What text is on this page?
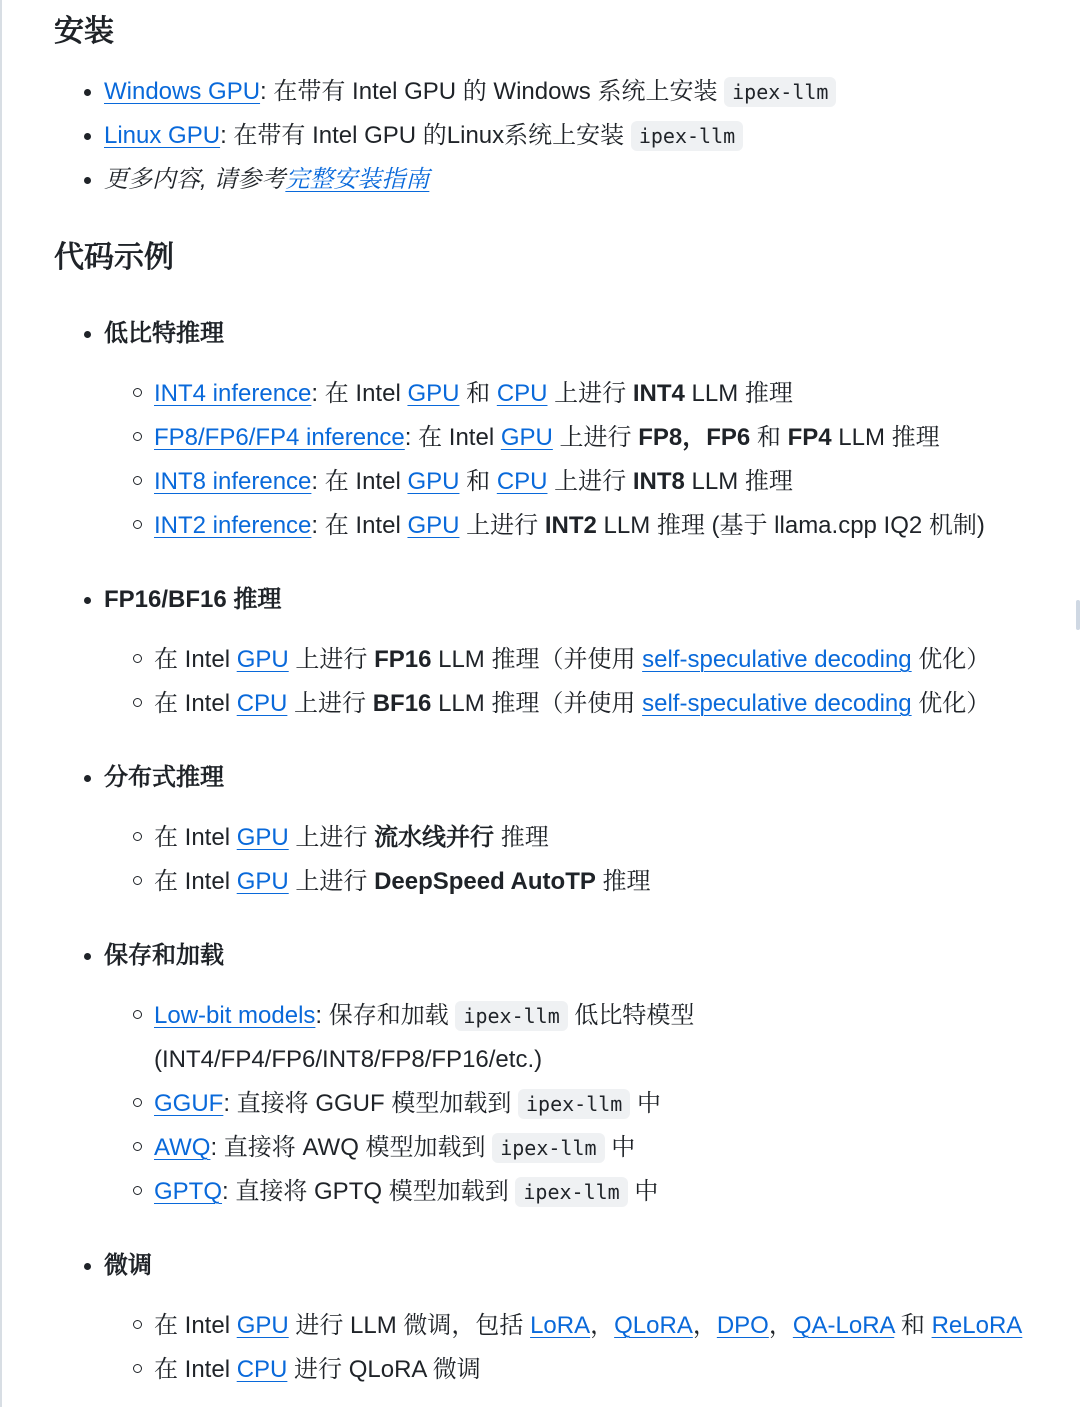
安装
Windows GPU: 在带有 Intel GPU 的 Windows 系统上安装 ipex-llm
Linux GPU: 在带有 Intel GPU 的Linux系统上安装 ipex-llm
更多内容, 请参考完整安装指南
代码示例
低比特推理
INT4 inference: 在 Intel GPU 和 CPU 上进行 INT4 LLM 推理
FP8/FP6/FP4 inference: 在 Intel GPU 上进行 FP8，FP6 和 FP4 LLM 推理
INT8 inference: 在 Intel GPU 和 CPU 上进行 INT8 LLM 推理
INT2 inference: 在 Intel GPU 上进行 INT2 LLM 推理 (基于 llama.cpp IQ2 机制)
FP16/BF16 推理
在 Intel GPU 上进行 FP16 LLM 推理（并使用 self-speculative decoding 优化）
在 Intel CPU 上进行 BF16 LLM 推理（并使用 self-speculative decoding 优化）
分布式推理
在 Intel GPU 上进行 流水线并行 推理
在 Intel GPU 上进行 DeepSpeed AutoTP 推理
保存和加载
Low-bit models: 保存和加载 ipex-llm 低比特模型
(INT4/FP4/FP6/INT8/FP8/FP16/etc.)
GGUF: 直接将 GGUF 模型加载到 ipex-llm 中
AWQ: 直接将 AWQ 模型加载到 ipex-llm 中
GPTQ: 直接将 GPTQ 模型加载到 ipex-llm 中
微调
在 Intel GPU 进行 LLM 微调，包括 LoRA，QLoRA，DPO，QA-LoRA 和 ReLoRA
在 Intel CPU 进行 QLoRA 微调
